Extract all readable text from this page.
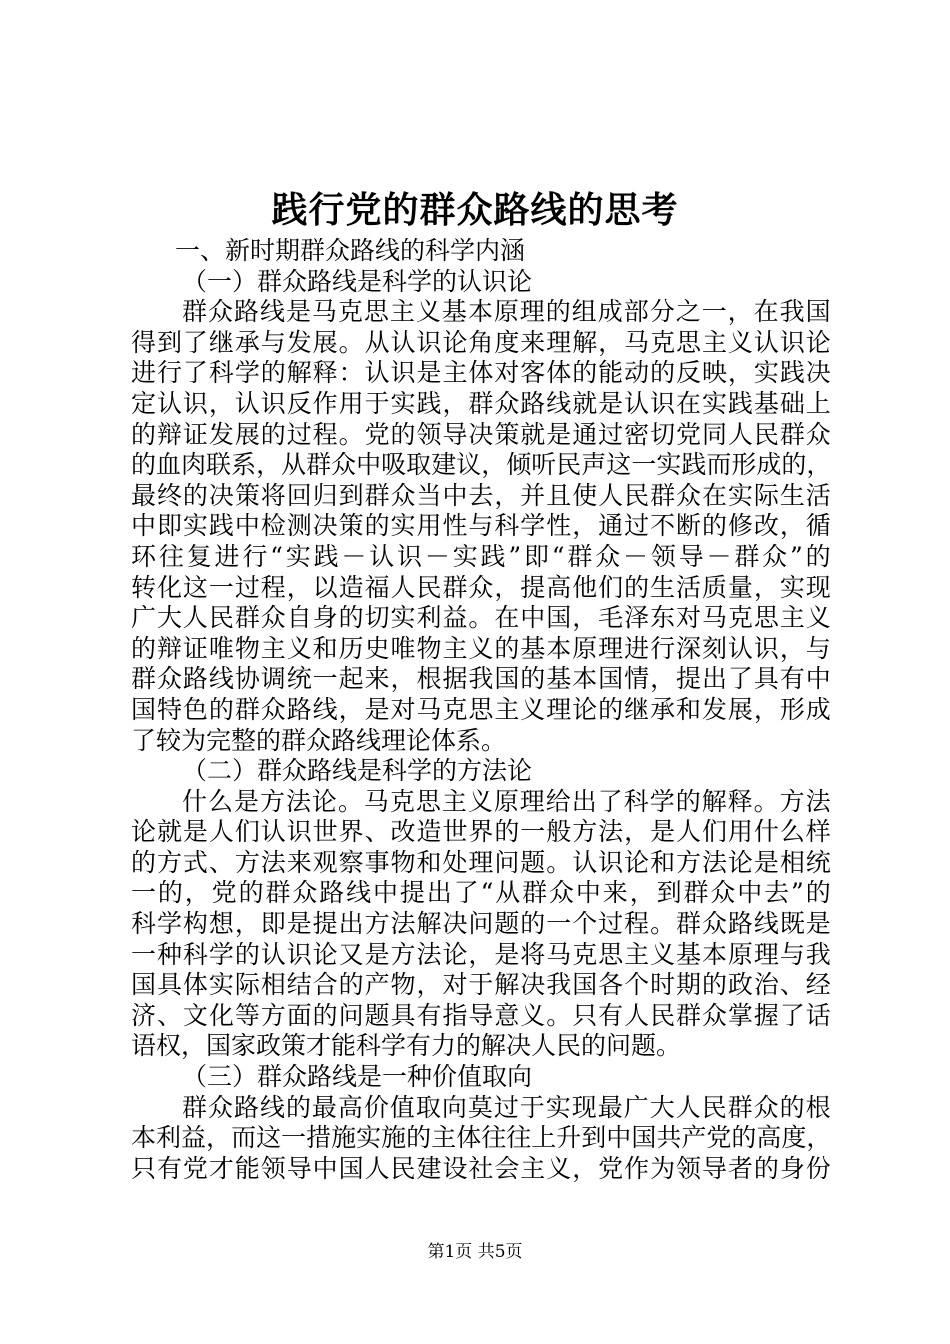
践行党的群众路线的思考
一、新时期群众路线的科学内涵
（一）群众路线是科学的认识论
群 众 路 线 是 马 克 思 主 义 基 本 原 理 的 组 成 部 分 之 一 ， 在 我 国
得 到 了 继 承 与 发 展 。 从 认 识 论 角 度 来 理 解 ， 马 克 思 主 义 认 识 论
进 行 了 科 学 的 解 释 ： 认 识 是 主 体 对 客 体 的 能 动 的 反 映 ， 实 践 决
定 认 识 ， 认 识 反 作 用 于 实 践 ， 群 众 路 线 就 是 认 识 在 实 践 基 础 上
的 辩 证 发 展 的 过 程 。 党 的 领 导 决 策 就 是 通 过 密 切 党 同 人 民 群 众
的 血 肉 联 系 ， 从 群 众 中 吸 取 建 议 ， 倾 听 民 声 这 一 实 践 而 形 成 的 ，
最 终 的 决 策 将 回 归 到 群 众 当 中 去 ， 并 且 使 人 民 群 众 在 实 际 生 活
中 即 实 践 中 检 测 决 策 的 实 用 性 与 科 学 性 ， 通 过 不 断 的 修 改 ， 循
环 往 复 进 行 “ 实 践 － 认 识 － 实 践 ” 即 “ 群 众 － 领 导 － 群 众 ” 的
转 化 这 一 过 程 ， 以 造 福 人 民 群 众 ， 提 高 他 们 的 生 活 质 量 ， 实 现
广 大 人 民 群 众 自 身 的 切 实 利 益 。 在 中 国 ， 毛 泽 东 对 马 克 思 主 义
的 辩 证 唯 物 主 义 和 历 史 唯 物 主 义 的 基 本 原 理 进 行 深 刻 认 识 ， 与
群 众 路 线 协 调 统 一 起 来 ， 根 据 我 国 的 基 本 国 情 ， 提 出 了 具 有 中
国 特 色 的 群 众 路 线 ， 是 对 马 克 思 主 义 理 论 的 继 承 和 发 展 ， 形 成
了较为完整的群众路线理论体系。
（二）群众路线是科学的方法论
什 么 是 方 法 论 。 马 克 思 主 义 原 理 给 出 了 科 学 的 解 释 。 方 法
论 就 是 人 们 认 识 世 界 、 改 造 世 界 的 一 般 方 法 ， 是 人 们 用 什 么 样
的 方 式 、 方 法 来 观 察 事 物 和 处 理 问 题 。 认 识 论 和 方 法 论 是 相 统
一 的 ， 党 的 群 众 路 线 中 提 出 了 “ 从 群 众 中 来 ， 到 群 众 中 去 ” 的
科 学 构 想 ， 即 是 提 出 方 法 解 决 问 题 的 一 个 过 程 。 群 众 路 线 既 是
一 种 科 学 的 认 识 论 又 是 方 法 论 ， 是 将 马 克 思 主 义 基 本 原 理 与 我
国 具 体 实 际 相 结 合 的 产 物 ， 对 于 解 决 我 国 各 个 时 期 的 政 治 、 经
济 、 文 化 等 方 面 的 问 题 具 有 指 导 意 义 。 只 有 人 民 群 众 掌 握 了 话
语权，国家政策才能科学有力的解决人民的问题。
（三）群众路线是一种价值取向
群 众 路 线 的 最 高 价 值 取 向 莫 过 于 实 现 最 广 大 人 民 群 众 的 根
本 利 益 ， 而 这 一 措 施 实 施 的 主 体 往 往 上 升 到 中 国 共 产 党 的 高 度 ，
只 有 党 才 能 领 导 中 国 人 民 建 设 社 会 主 义 ， 党 作 为 领 导 者 的 身 份
第1页 共5页
